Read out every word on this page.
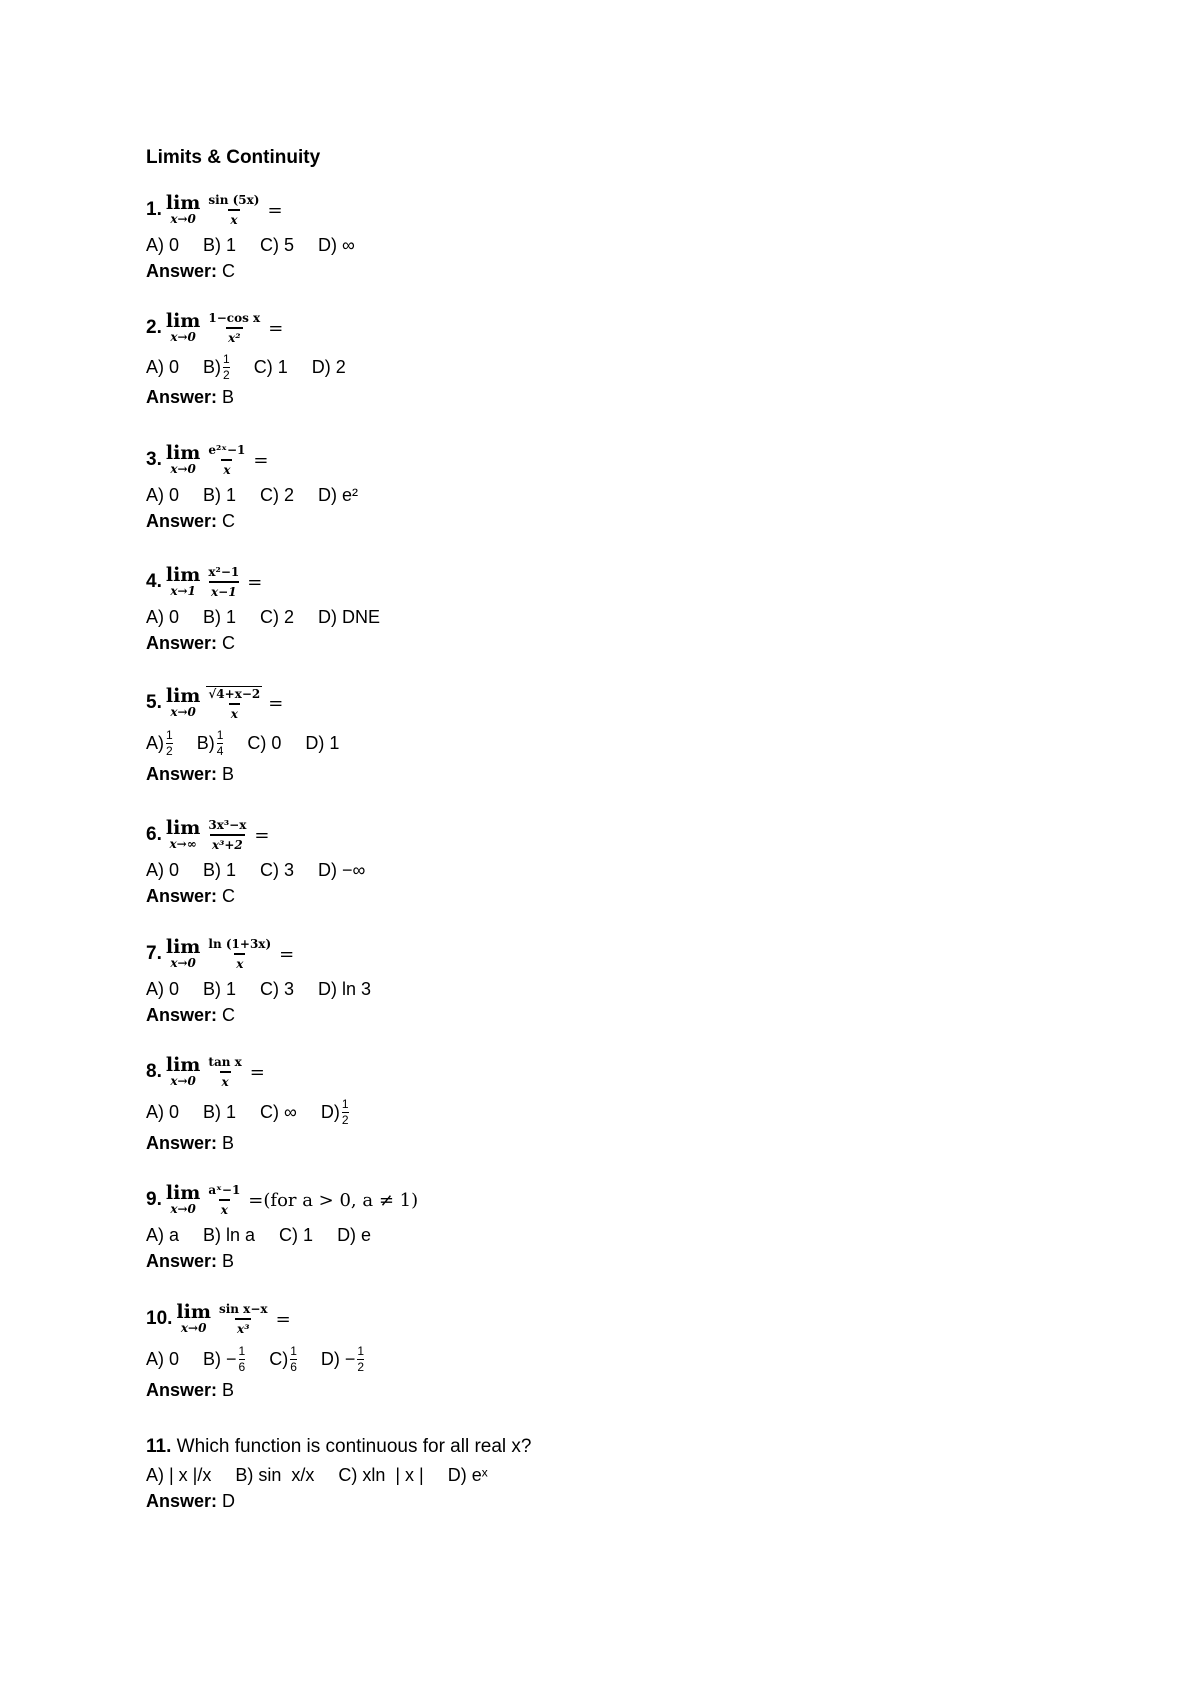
Limits & Continuity
1. lim
$x\to 0 \frac{\sin (5x)}{x}$ =
A) 0 B) 1 C) 5 D) ∞
Answer: C
2. lim
$x\to 0 \frac{\text{1−cos x}}{\text{x²}}$ =
A) 0 B) 1
2 C) 1 D) 2
Answer: B
3. lim
$x\to 0 \frac{\text{e²ˣ−1}}{x}$ =
A) 0 B) 1 C) 2 D) e²
Answer: C
4. lim
$x\to 1 \frac{\text{x²−1}}{x-1}$ =
A) 0 B) 1 C) 2 D) DNE
Answer: C
5. lim
$x\to 0 \frac{√4+x-2}{x}$ =
A) 1
2 B) 1
4 C) 0 D) 1
Answer: B
6. lim
$x\to\infty \frac{\text{3x³−x}}{\text{x³+2}}$ =
A) 0 B) 1 C) 3 D) −∞
Answer: C
7. lim
$x\to 0 \frac{\ln (1+3x)}{x}$ =
A) 0 B) 1 C) 3 D) ln 3
Answer: C
8. lim
$x\to 0 \frac{\text{tan x}}{x}$ =
A) 0 B) 1 C) ∞ D) 1
2
Answer: B
9. lim
$x\to 0 \frac{\text{aˣ−1}}{x} =(for$ a > 0, a ≠ 1)
A) a B) ln a C) 1 D) e
Answer: B
10. lim
$x\to 0 \frac{\text{sin x−x}}{\text{x³}}$ =
A) 0 $B) - \frac{1}{6} C$) 1
6 $D) - \frac{1}{2}$
Answer: B
11. Which function is continuous for all real x?
A) | x |/x B) sin  x/x C) xln  | x | D) eˣ
Answer: D
